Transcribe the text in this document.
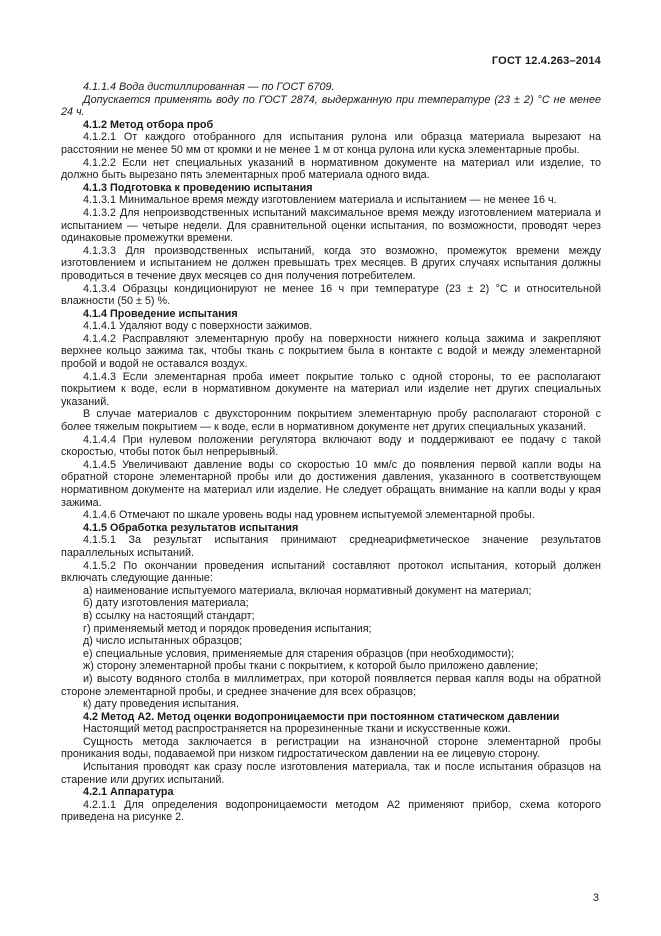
ГОСТ 12.4.263–2014

4.1.1.4 Вода дистиллированная — по ГОСТ 6709.

Допускается применять воду по ГОСТ 2874, выдержанную при температуре (23 ± 2) °С не менее 24 ч.

4.1.2 Метод отбора проб

4.1.2.1 От каждого отобранного для испытания рулона или образца материала вырезают на расстоянии не менее 50 мм от кромки и не менее 1 м от конца рулона или куска элементарные пробы.

4.1.2.2 Если нет специальных указаний в нормативном документе на материал или изделие, то должно быть вырезано пять элементарных проб материала одного вида.

4.1.3 Подготовка к проведению испытания

4.1.3.1 Минимальное время между изготовлением материала и испытанием — не менее 16 ч.

4.1.3.2 Для непроизводственных испытаний максимальное время между изготовлением материала и испытанием — четыре недели. Для сравнительной оценки испытания, по возможности, проводят через одинаковые промежутки времени.

4.1.3.3 Для производственных испытаний, когда это возможно, промежуток времени между изготовлением и испытанием не должен превышать трех месяцев. В других случаях испытания должны проводиться в течение двух месяцев со дня получения потребителем.

4.1.3.4 Образцы кондиционируют не менее 16 ч при температуре (23 ± 2) °С и относительной влажности (50 ± 5) %.

4.1.4 Проведение испытания

4.1.4.1 Удаляют воду с поверхности зажимов.

4.1.4.2 Расправляют элементарную пробу на поверхности нижнего кольца зажима и закрепляют верхнее кольцо зажима так, чтобы ткань с покрытием была в контакте с водой и между элементарной пробой и водой не оставался воздух.

4.1.4.3 Если элементарная проба имеет покрытие только с одной стороны, то ее располагают покрытием к воде, если в нормативном документе на материал или изделие нет других специальных указаний.

В случае материалов с двухсторонним покрытием элементарную пробу располагают стороной с более тяжелым покрытием — к воде, если в нормативном документе нет других специальных указаний.

4.1.4.4 При нулевом положении регулятора включают воду и поддерживают ее подачу с такой скоростью, чтобы поток был непрерывный.

4.1.4.5 Увеличивают давление воды со скоростью 10 мм/с до появления первой капли воды на обратной стороне элементарной пробы или до достижения давления, указанного в соответствующем нормативном документе на материал или изделие. Не следует обращать внимание на капли воды у края зажима.

4.1.4.6 Отмечают по шкале уровень воды над уровнем испытуемой элементарной пробы.

4.1.5 Обработка результатов испытания

4.1.5.1 За результат испытания принимают среднеарифметическое значение результатов параллельных испытаний.

4.1.5.2 По окончании проведения испытаний составляют протокол испытания, который должен включать следующие данные:

а) наименование испытуемого материала, включая нормативный документ на материал;

б) дату изготовления материала;

в) ссылку на настоящий стандарт;

г) применяемый метод и порядок проведения испытания;

д) число испытанных образцов;

е) специальные условия, применяемые для старения образцов (при необходимости);

ж) сторону элементарной пробы ткани с покрытием, к которой было приложено давление;

и) высоту водяного столба в миллиметрах, при которой появляется первая капля воды на обратной стороне элементарной пробы, и среднее значение для всех образцов;

к) дату проведения испытания.

4.2 Метод А2. Метод оценки водопроницаемости при постоянном статическом давлении

Настоящий метод распространяется на прорезиненные ткани и искусственные кожи.

Сущность метода заключается в регистрации на изнаночной стороне элементарной пробы проникания воды, подаваемой при низком гидростатическом давлении на ее лицевую сторону.

Испытания проводят как сразу после изготовления материала, так и после испытания образцов на старение или других испытаний.

4.2.1 Аппаратура

4.2.1.1 Для определения водопроницаемости методом А2 применяют прибор, схема которого приведена на рисунке 2.

3
